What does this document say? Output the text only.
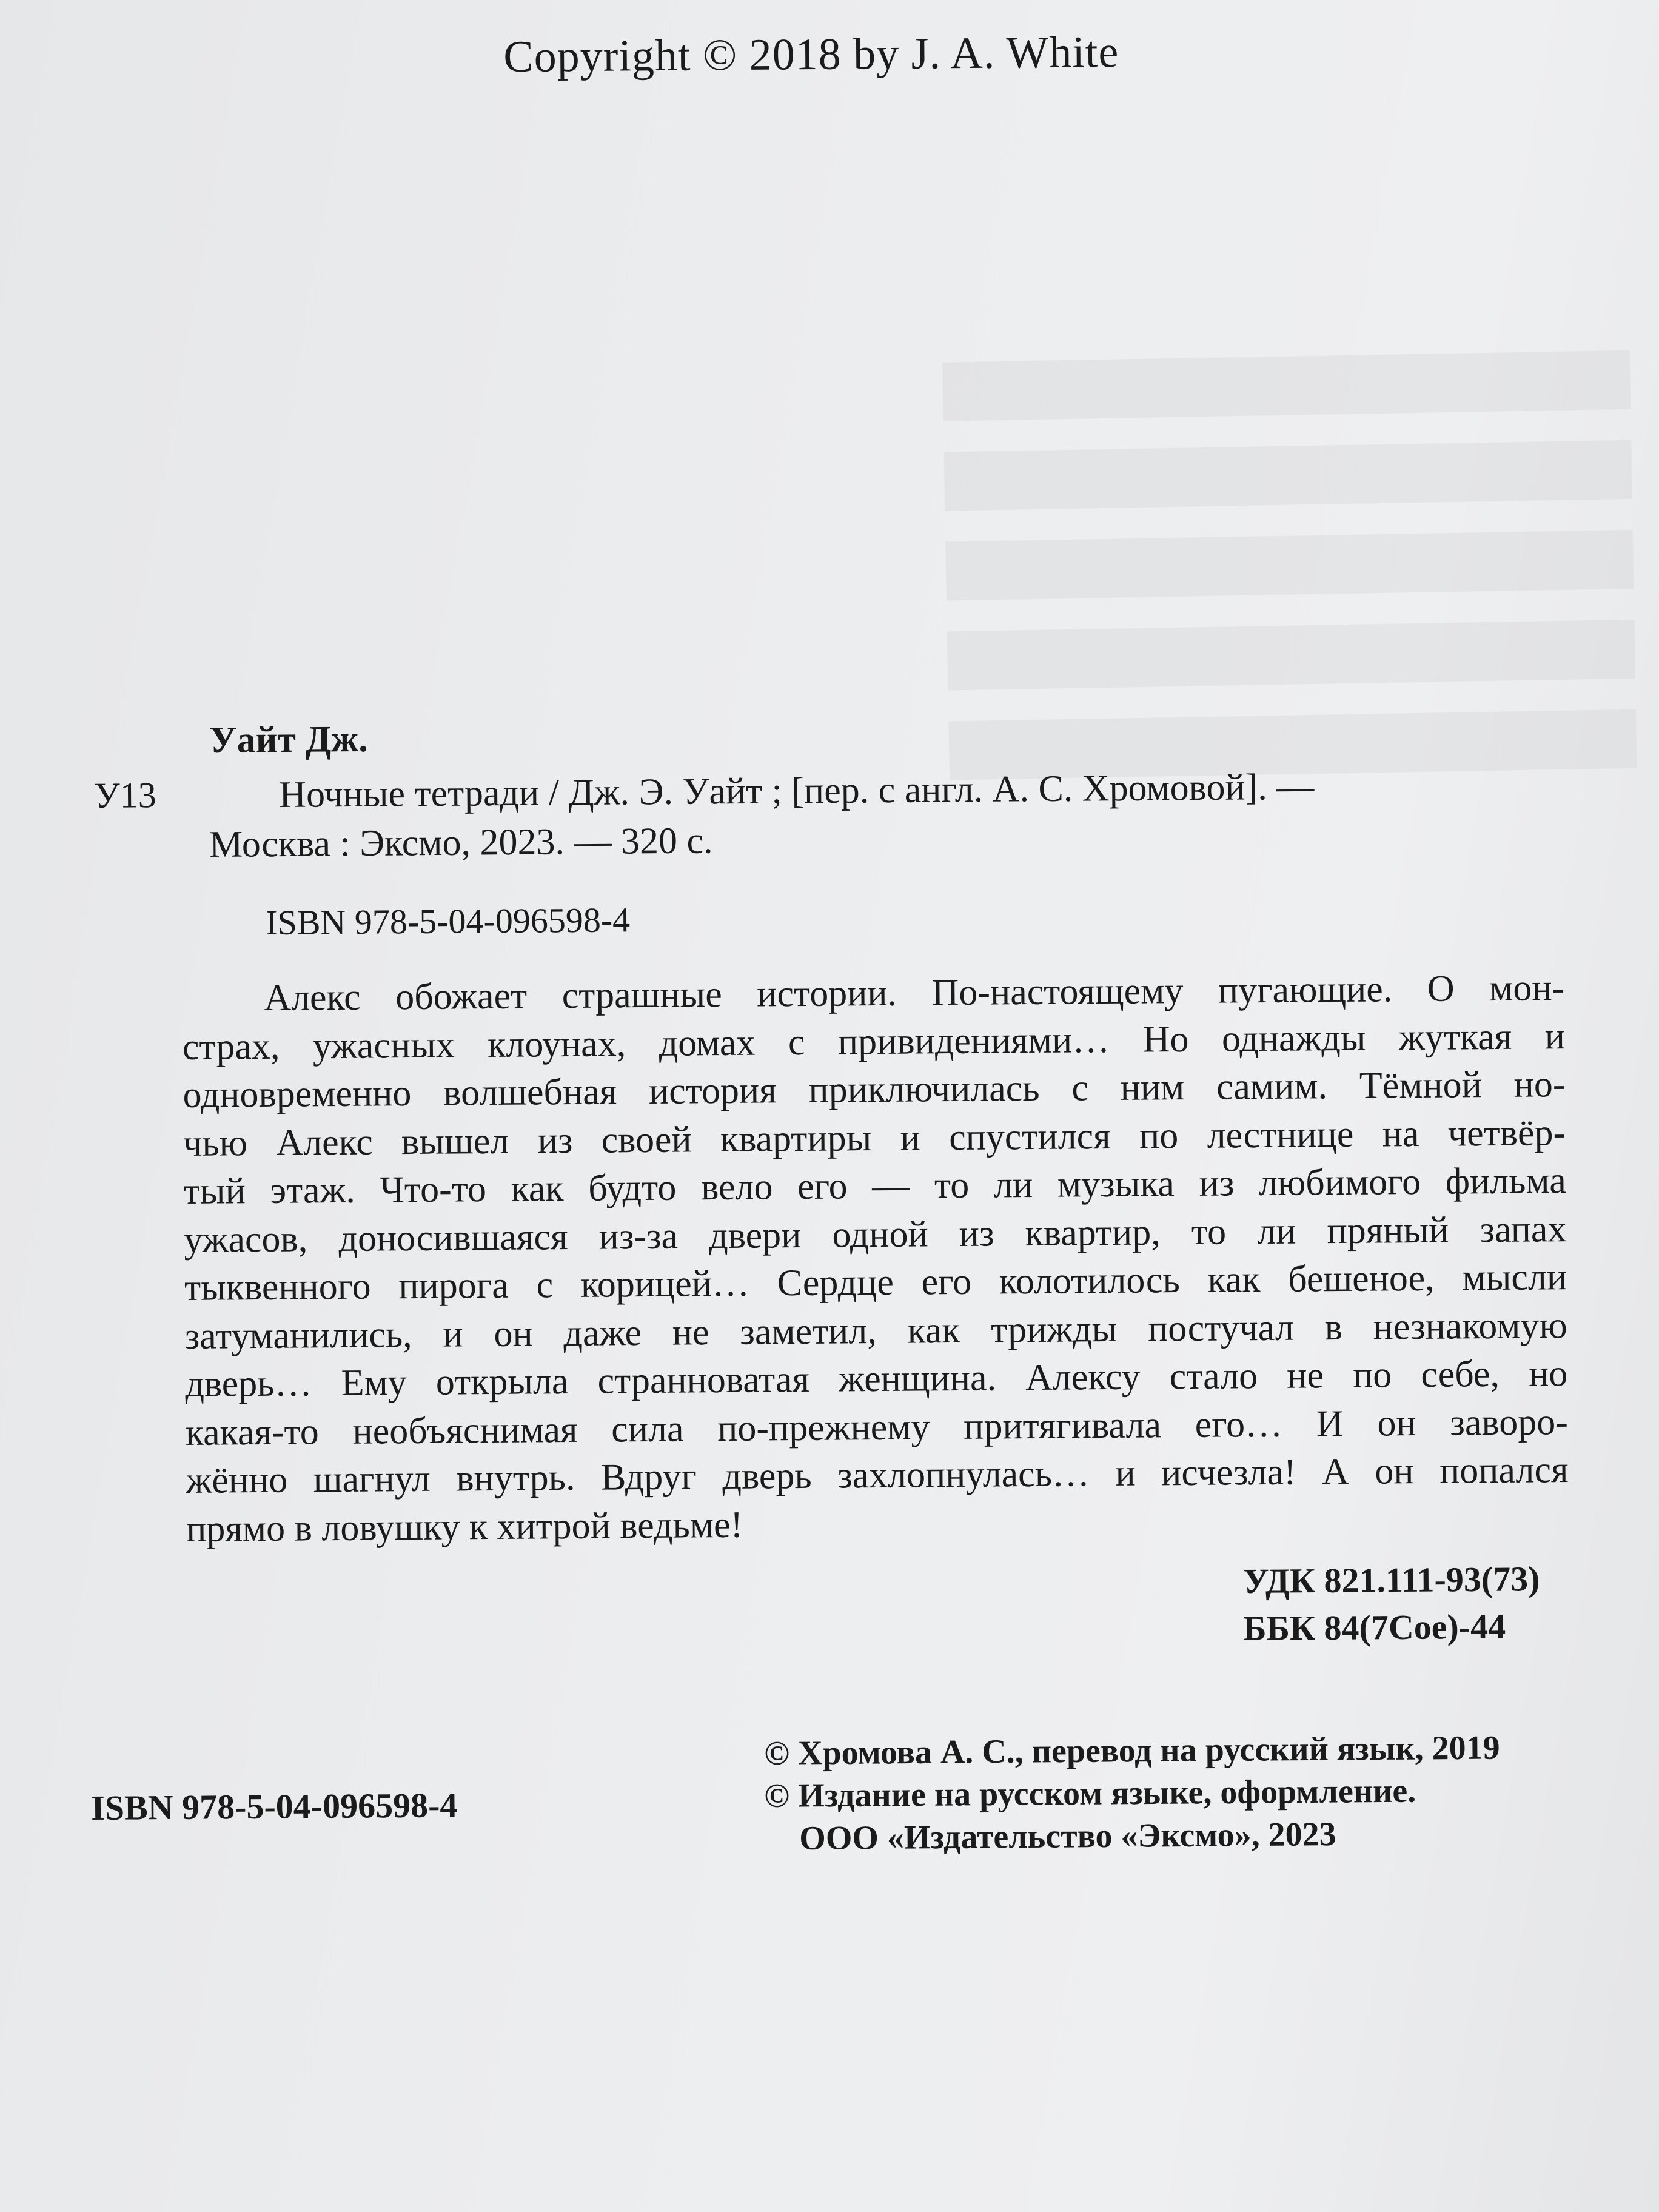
████████████████████
████████████████████
████████████████████
████████████████████
████████████████████
Copyright © 2018 by J. A. White
Уайт Дж.
У13	Ночные тетради / Дж. Э. Уайт ; [пер. с англ. А. С. Хромовой]. —
Москва : Эксмо, 2023. — 320 с.
ISBN 978-5-04-096598-4
Алекс обожает страшные истории. По-настоящему пугающие. О мон-
страх, ужасных клоунах, домах с привидениями… Но однажды жуткая и
одновременно волшебная история приключилась с ним самим. Тёмной но-
чью Алекс вышел из своей квартиры и спустился по лестнице на четвёр-
тый этаж. Что-то как будто вело его — то ли музыка из любимого фильма
ужасов, доносившаяся из-за двери одной из квартир, то ли пряный запах
тыквенного пирога с корицей… Сердце его колотилось как бешеное, мысли
затуманились, и он даже не заметил, как трижды постучал в незнакомую
дверь… Ему открыла странноватая женщина. Алексу стало не по себе, но
какая-то необъяснимая сила по-прежнему притягивала его… И он заворо-
жённо шагнул внутрь. Вдруг дверь захлопнулась… и исчезла! А он попался
прямо в ловушку к хитрой ведьме!
УДК 821.111-93(73)
ББК 84(7Сое)-44
ISBN 978-5-04-096598-4
© Хромова А. С., перевод на русский язык, 2019
© Издание на русском языке, оформление.
ООО «Издательство «Эксмо», 2023
